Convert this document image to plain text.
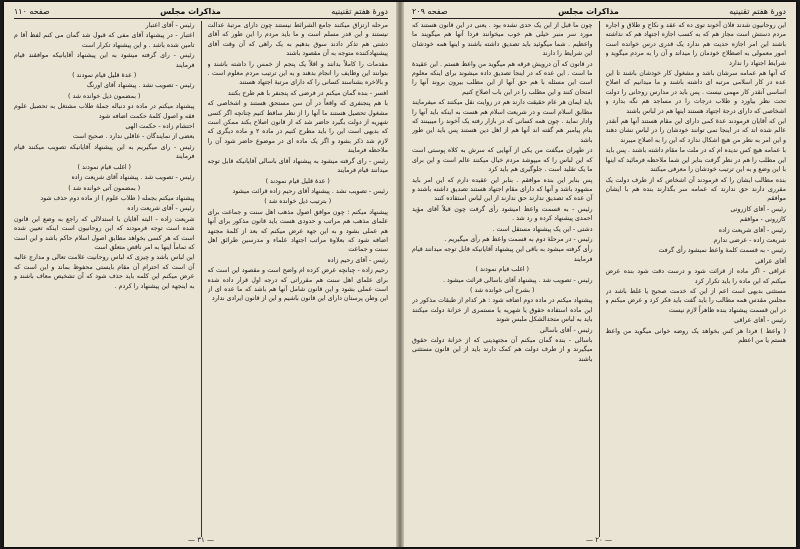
دورهٔ هفتم تقنینیه
مذاکرات مجلس
صفحه ۱۱۰

مرحله ارتزاق میکنند جامع الشرائط نیستند چون دارای مرتبهٔ عدالت نیستند و این قدر مسلم است و ما باید مردم را این طور که آقای دشتی هم تذکر دادند سوق بدهیم به یک راهی که آن وقت آقای پیشنهادکننده متوجه به آن مقصود باشند

مقدمات را کاملاً بدانند و اقلاً یک پنجم از خمس را داشته باشند و بتوانند این وظایف را انجام بدهند و به این ترتیب مردم معلوم است . و بالاخره بشناسند کسانی را که دارای مرتبهٔ اجتهاد هستند

افسر - بنده گمان میکنم در فرضی که پنجنفر با هم طرح بکنند

با هم پنجنفری که واقعاً در آن سن مستحق هستند و اشخاصی که مشغول تحصیل هستند ما آنها را از نظر ساقط کنیم چنانچه اگر کسی شهریه از دولت بگیرد حاضر شد که از قانون اصلاح بکند ممکن است که بدیهی است این را باید مطرح کنیم در ماده ۲ و ماده دیگری که لازم شد ذکر بشود و اگر یک ماده ای در موضوع حاضر شود آن را ملاحظه فرمایند

رئیس - رای گرفته میشود به پیشنهاد آقای باسالی آقایانیکه قابل توجه میدانند قیام فرمایند

( عدهٔ قلیل قیام نمودند )

رئیس - تصویب نشد . پیشنهاد آقای رحیم زاده قرائت میشود

( بترتیب ذیل خوانده شد )

پیشنهاد میکنم : چون موافق اصول مذهب اهل سنت و جماعت برای علمای مذهب هم مراتب و حدودی هست باید قانون مذکور برای آنها هم عملی بشود و به این جهة عرض میکنم که بعد از کلمهٔ مجتهد اضافه شود که بعلاوهٔ مراتب اجتهاد علماء و مدرسین طرائق اهل سنت و جماعت

رئیس - آقای رحیم زاده

رحیم زاده - چنانچه عرض کرده ام واضح است و مقصود این است که برای علمای اهل سنت هم مقرراتی که درجه اول قرار داده شده است عملی بشود و این قانون شامل آنها هم باشد که ما عده ای از این وطن پرستان دارای این قانون باشیم و این از قانون ایرادی ندارد

رئیس - آقای اعتبار

اعتبار - در پیشنهاد آقای مفی که قبول شد گمان می کنم لفظ آقا م تامین شده باشد . و این پیشنهاد تکرار است

رئیس - رای گرفته میشود به این پیشنهاد آقایانیکه موافقند قیام فرمایند

( عدهٔ قلیل قیام نمودند )

رئیس - تصویب نشد . پیشنهاد آقای اورنگ

( بمضمون ذیل خوانده شد )

پیشنهاد میکنم در ماده دو دنباله جملهٔ طلاب مشتغل به تحصیل علوم فقه و اصول کلمهٔ حکمت اضافه شود

احتشام زاده - حکمت الهی

بعضی از نمایندگان - عاقلی ندارد . صحیح است

رئیس - رای میگیریم به این پیشنهاد آقایانیکه تصویب میکنند قیام فرمایند

( اغلب قیام نمودند )

رئیس - تصویب شد . پیشنهاد آقای شریعت زاده

( بمضمون آتی خوانده شد )

پیشنهاد میکنم بجمله ( طلاب علوم ) از ماده دوم حذف شود

رئیس - آقای شریعت زاده

شریعت زاده - البته آقایان با استدلالی که راجع به وضع این قانون شده است توجه فرمودند که این روحانیون است اینکه تعیین شده است که هر کسی بخواهد مطابق اصول اسلام حاکم باشد و این است که تماماً اینها به امر ناقص متعلق است

این لباس باشد و چیزی که لباس روحانیت علامت تعالی و مدارج عالیه آن است که احترام آن مقام بایستی محفوظ بماند و این است که عرض میکنم این کلمه باید حذف شود که آن تشخیص معاف باشند و به اینجهة این پیشنهاد را کردم .

— ۳۱ —
دورهٔ هفتم تقنینیه
مذاکرات مجلس
صفحه ۲۰۹

این روحانیون شدند فلان آخوند توی ده که عقد و نکاح و طلاق و اجاره مردم دستش است مجاز هم که به کسب اجازه اجتهاد هم که نداشته باشند این امر اجازه حدیث هم ندارد یک قدری درس خوانده است امور معمولی به اصطلاح خودمان را میداند و آن را به مردم میگوید و شرایط اجتهاد را ندارد

که آنها هم عمامه سرشان باشد و مشغول کار خودشان باشند تا این عده در کار اسلامی مرتبه ای داشته باشند و ما میدانیم که اصلاح اساسی آنقدر کار مهمی نیست . پس باید در مدارس روحانی را دولت تحت نظر بیاورد و طلاب درجات را در مساجد هم نگه بدارد و اشخاصی که دارای درجهٔ اجتهاد هستند اینها هم در لباس باشند

این که آقایان فرمودند عدهٔ کمی دارای این مقام هستند آنها هم آنقدر عالم شده اند که در اینجا نمی توانند خودشان را در لباس نشان دهند و این امر به نظر من هیچ اشکال ندارد که این را به اصلاح میبرند

با عمامه هیچ کس ندیده ام که در ملت ما مقام داشته باشند . پس باید این مطلب را هم در نظر گرفت بنابر این شما ملاحظه فرمائید که اینها با این وضع و به این ترتیب خودشان را معرفی میکنند

بنده مطالب ایشان را که فرمودند آن اشخاص که از طرف دولت یک مقرری دارند حق ندارند که عمامه سر بگذارند بنده هم با ایشان موافقم

رئیس - آقای کازرونی

کازرونی - موافقم

رئیس - آقای شریعت زاده

شریعت زاده - عرضی ندارم

رئیس - به قسمت کلمهٔ واعظ نمیشود رأی گرفت

آقای عراقی

عراقی - اگر ماده از قرائت شود و درست دقت شود بنده عرض میکنم که این ماده را باید تکرار کرد

مستثنی بدیهی است اعم از این که خدمت صحیح یا غلط باشد در مجلس مقدس همه مطالب را باید گفت باید فکر کرد و عرض میکنم و در این قسمت پیشنهاد بنده ظاهراً لازم نیست

رئیس - آقای عراقی

( واعظ ) فردا هر کس بخواهد یک روضه خوانی میگوید من واعظ هستم یا من اعظم

چون ما قبل از این یک حدی نشده بود . یعنی در این قانون هستند که مورد سر منبر خیلی هم خوب میخوانند فردا آنها هم میگویند ما واعظیم . شما میگوئید باید تصدیق داشته باشند و اینها همه خودشان این شرایط را دارند

در قانون که آن درویش فرقه هم میگوید من واعظ هستم . این عقیدهٔ ما است . این عده که در اینجا تصدیق داده میشوند برای اینکه معلوم است این مسئله با هم حق آنها از این مطلب بیرون بروند آنها را امتحان کنند و این مطلب را در این باب اصلاح کنیم

باید ایمان هر عام حقیقت دارند هم در روایت نقل میکنند که میفرمایند مطابق اسلام است و در شریعت اسلام هم هست به اینکه باید آنها را وادار نماید . چون همه کسانی که در بازار رفته یک آخوند را میبینند که بنام پیامبر هم گفته اند آنها هم از اهل دین هستند پس باید این طور باشد

در طهران میگفت من یکی از آنهایی که سرش به کلاه پوستی است که این لباس را که میپوشد مردم خیال میکنند عالم است و این برای ما یک تقلید است . جلوگیری هم باید کرد

پس بنابر این بنده موافقم . بنابر این عقیده دارم که این امر باید مشهود باشد و آنها که دارای مقام اجتهاد هستند تصدیق داشته باشند و آن عده که تصدیق ندارند حق ندارند از این لباس استفاده کنند

رئیس - به قسمت واعظ امیشود رأی گرفت چون قبلاً آقای مؤید احمدی پیشنهاد کرده و رد شد .

دشتی - این یک پیشنهاد مستقل است .

رئیس - در مرحلهٔ دوم به قسمت واعظ هم رأی میگیریم .

رأی گرفته میشود به باقی این پیشنهاد آقایانیکه قابل توجه میدانند قیام فرمایند

( اغلب قیام نمودند )

رئیس - تصویب شد . پیشنهاد آقای باسالی قرائت میشود .

( بشرح آتی خوانده شد )

پیشنهاد میکنم در ماده دوم اضافه شود : هر کدام از طبقات مذکور در این ماده استفاده حقوق یا شهریه یا مستمری از خزانهٔ دولت میکنند باید به لباس متحدالشکل ملبس شوند

رئیس - آقای باسالی

باسالی - بنده گمان میکنم آن مجتهدینی که از خزانهٔ دولت حقوق میگیرند و از طرف دولت هم کمک دارند باید از این قانون مستثنی باشند

— ۲۰ —
